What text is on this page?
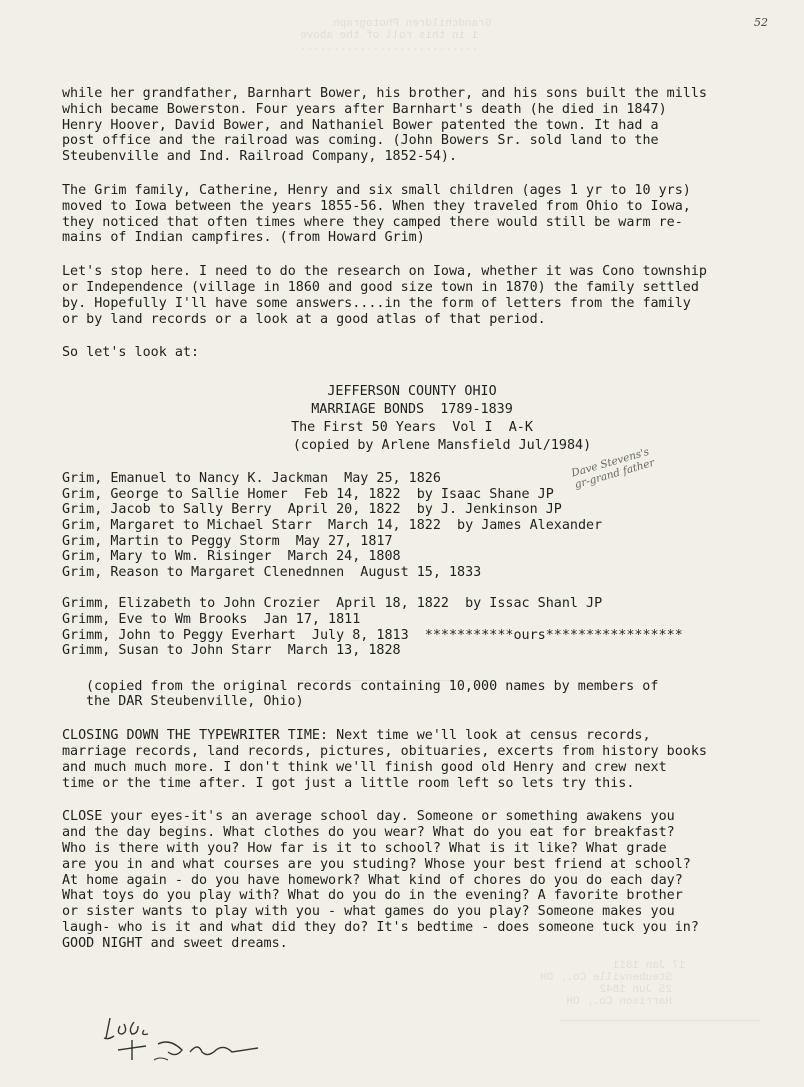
Grandchildren Photograph
1 in this roll of the above
...........................
17 Jan 1811
Steubenville Co., OH
25 Jun 1842
Harrison Co., OH
52

while her grandfather, Barnhart Bower, his brother, and his sons built the mills
which became Bowerston. Four years after Barnhart's death (he died in 1847)
Henry Hoover, David Bower, and Nathaniel Bower patented the town. It had a
post office and the railroad was coming. (John Bowers Sr. sold land to the
Steubenville and Ind. Railroad Company, 1852-54).

The Grim family, Catherine, Henry and six small children (ages 1 yr to 10 yrs)
moved to Iowa between the years 1855-56. When they traveled from Ohio to Iowa,
they noticed that often times where they camped there would still be warm re-
mains of Indian campfires. (from Howard Grim)

Let's stop here. I need to do the research on Iowa, whether it was Cono township
or Independence (village in 1860 and good size town in 1870) the family settled
by. Hopefully I'll have some answers....in the form of letters from the family
or by land records or a look at a good atlas of that period.

So let's look at:

JEFFERSON COUNTY OHIO
MARRIAGE BONDS  1789-1839
The First 50 Years  Vol I  A-K
(copied by Arlene Mansfield Jul/1984)
Grim, Emanuel to Nancy K. Jackman  May 25, 1826
Grim, George to Sallie Homer  Feb 14, 1822  by Isaac Shane JP
Grim, Jacob to Sally Berry  April 20, 1822  by J. Jenkinson JP
Grim, Margaret to Michael Starr  March 14, 1822  by James Alexander
Grim, Martin to Peggy Storm  May 27, 1817
Grim, Mary to Wm. Risinger  March 24, 1808
Grim, Reason to Margaret Clenednnen  August 15, 1833
Grimm, Elizabeth to John Crozier  April 18, 1822  by Issac Shanl JP
Grimm, Eve to Wm Brooks  Jan 17, 1811
Grimm, John to Peggy Everhart  July 8, 1813  ***********ours*****************
Grimm, Susan to John Starr  March 13, 1828

(copied from the original records containing 10,000 names by members of
the DAR Steubenville, Ohio)

CLOSING DOWN THE TYPEWRITER TIME: Next time we'll look at census records,
marriage records, land records, pictures, obituaries, excerts from history books
and much much more. I don't think we'll finish good old Henry and crew next
time or the time after. I got just a little room left so lets try this.

CLOSE your eyes-it's an average school day. Someone or something awakens you
and the day begins. What clothes do you wear? What do you eat for breakfast?
Who is there with you? How far is it to school? What is it like? What grade
are you in and what courses are you studing? Whose your best friend at school?
At home again - do you have homework? What kind of chores do you do each day?
What toys do you play with? What do you do in the evening? A favorite brother
or sister wants to play with you - what games do you play? Someone makes you
laugh- who is it and what did they do? It's bedtime - does someone tuck you in?
GOOD NIGHT and sweet dreams.

Dave Stevens's
gr-grand father
